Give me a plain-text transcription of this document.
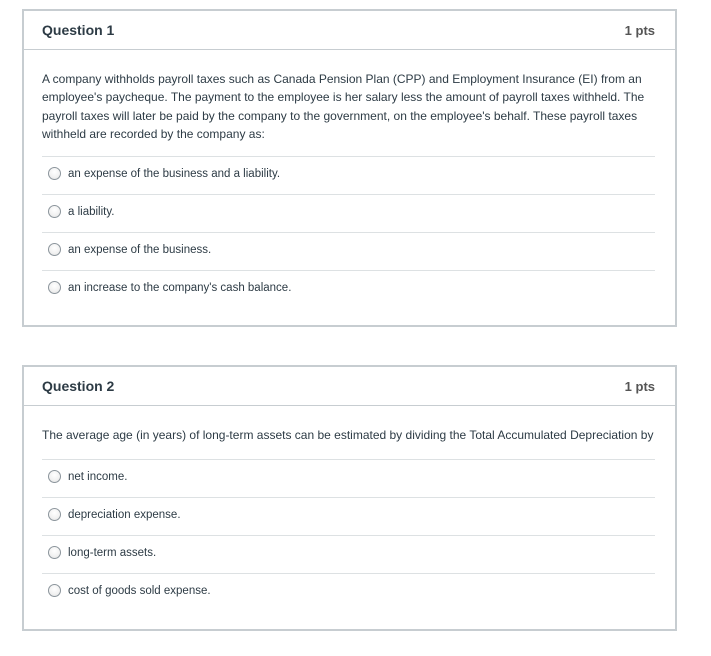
Question 1	1 pts
A company withholds payroll taxes such as Canada Pension Plan (CPP) and Employment Insurance (EI) from an employee's paycheque. The payment to the employee is her salary less the amount of payroll taxes withheld. The payroll taxes will later be paid by the company to the government, on the employee's behalf. These payroll taxes withheld are recorded by the company as:
an expense of the business and a liability.
a liability.
an expense of the business.
an increase to the company's cash balance.
Question 2	1 pts
The average age (in years) of long-term assets can be estimated by dividing the Total Accumulated Depreciation by
net income.
depreciation expense.
long-term assets.
cost of goods sold expense.
